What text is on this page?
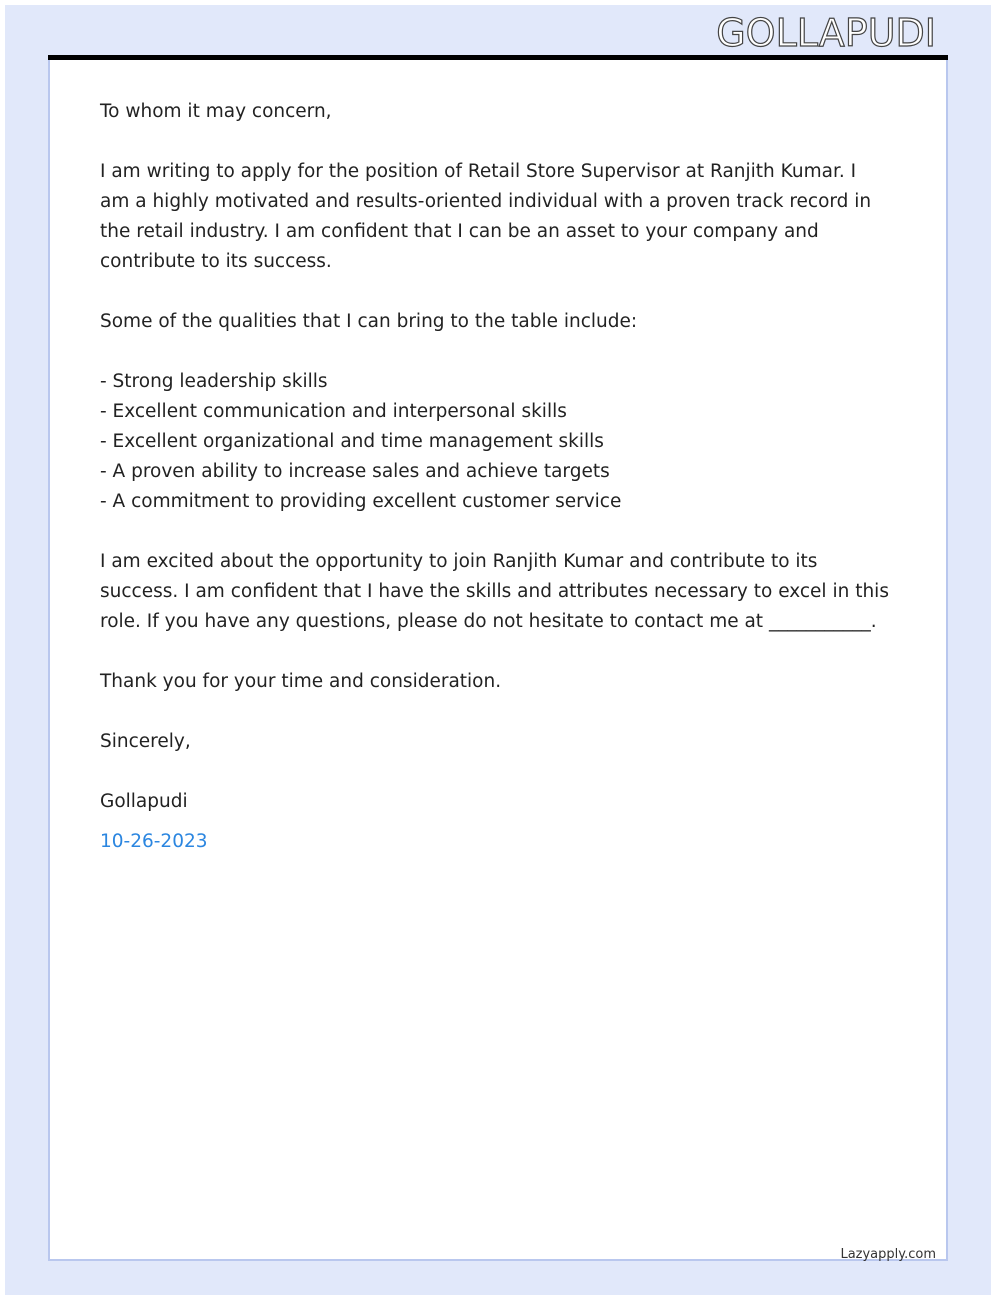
GOLLAPUDI

To whom it may concern,

I am writing to apply for the position of Retail Store Supervisor at Ranjith Kumar. I am a highly motivated and results-oriented individual with a proven track record in the retail industry. I am confident that I can be an asset to your company and contribute to its success.

Some of the qualities that I can bring to the table include:

- Strong leadership skills

- Excellent communication and interpersonal skills

- Excellent organizational and time management skills

- A proven ability to increase sales and achieve targets

- A commitment to providing excellent customer service

I am excited about the opportunity to join Ranjith Kumar and contribute to its success. I am confident that I have the skills and attributes necessary to excel in this role. If you have any questions, please do not hesitate to contact me at ___________.

Thank you for your time and consideration.

Sincerely,

Gollapudi

10-26-2023

Lazyapply.com
